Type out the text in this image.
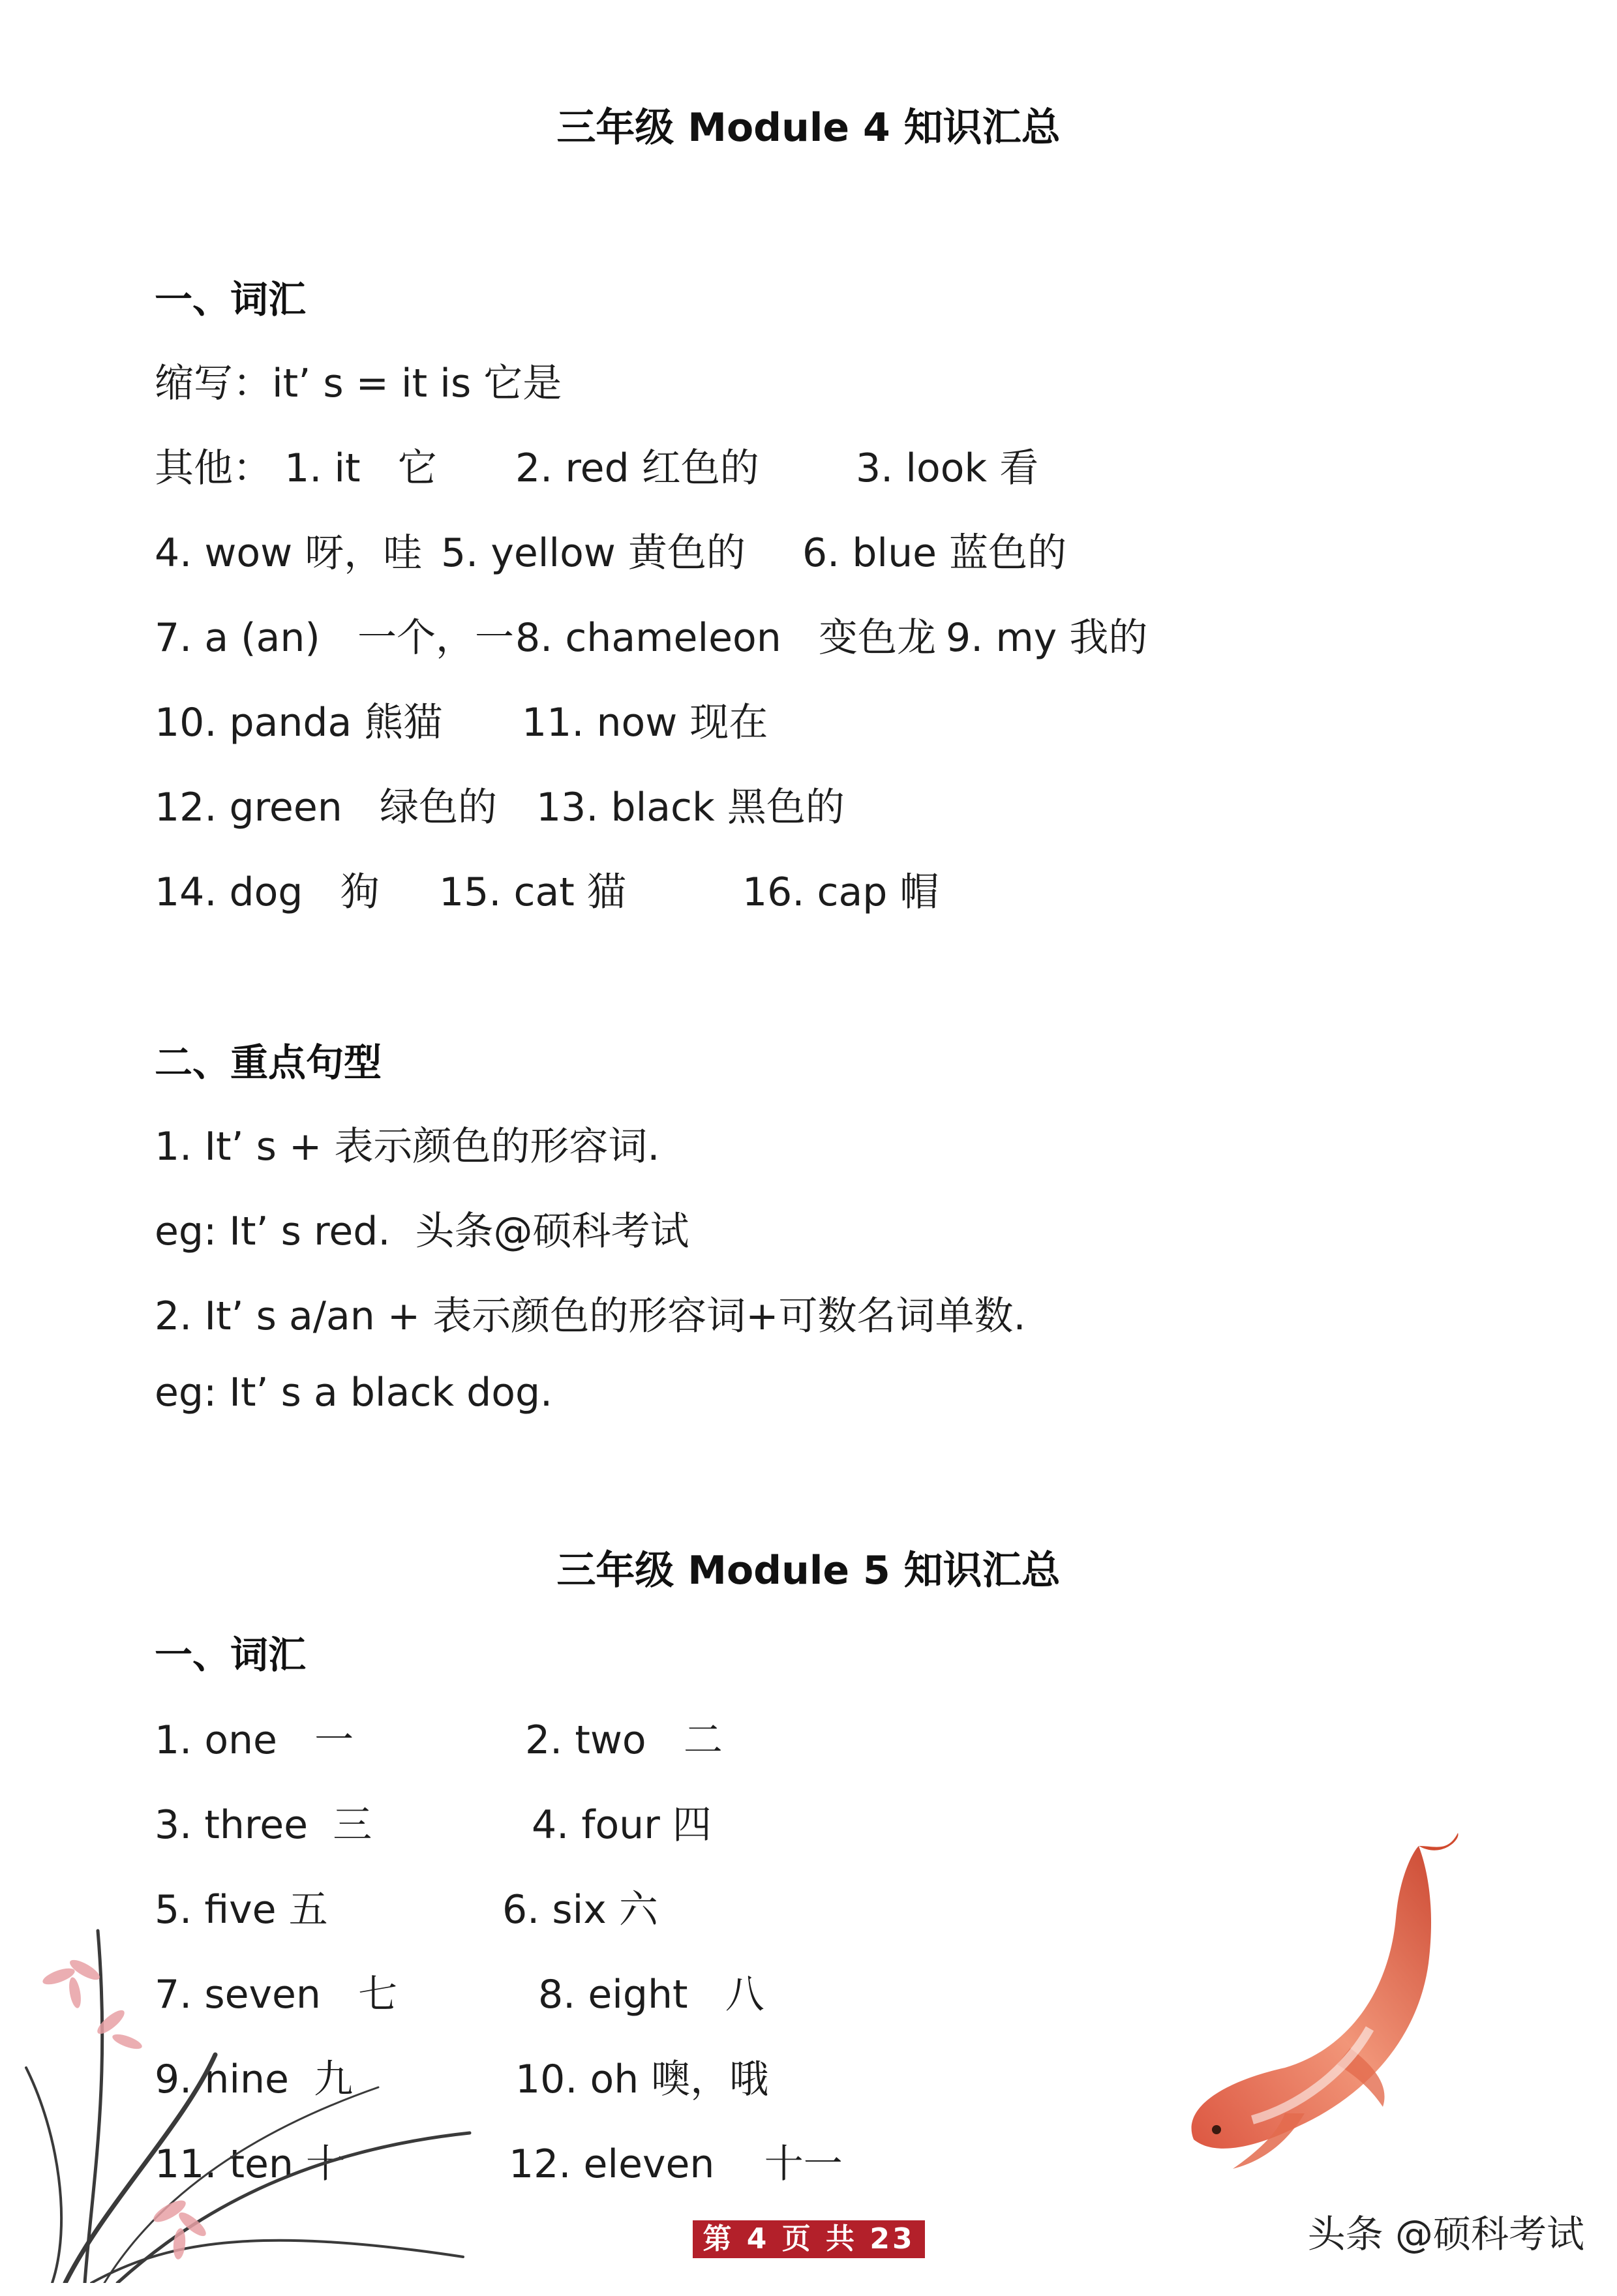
三年级 Module 4 知识汇总
一、词汇
缩写：it’ s = it is 它是
其他： 1. it   它 2. red 红色的 3. look 看
4. wow 呀，哇 5. yellow 黄色的 6. blue 蓝色的
7. a (an)   一个，一 8. chameleon   变色龙 9. my 我的
10. panda 熊猫 11. now 现在
12. green   绿色的 13. black 黑色的
14. dog   狗 15. cat 猫	16. cap 帽
二、重点句型
1. It’ s + 表示颜色的形容词.
eg: It’ s red.  头条@硕科考试
2. It’ s a/an + 表示颜色的形容词+可数名词单数.
eg: It’ s a black dog.
三年级 Module 5 知识汇总
一、词汇
1. one   一	2. two   二
3. three  三	4. four 四
5. five 五	6. six 六
7. seven   七	8. eight   八
9. nine  九	10. oh 噢，哦
11. ten 十	12. eleven    十一
第 4 页 共 23 页
头条 @硕科考试
